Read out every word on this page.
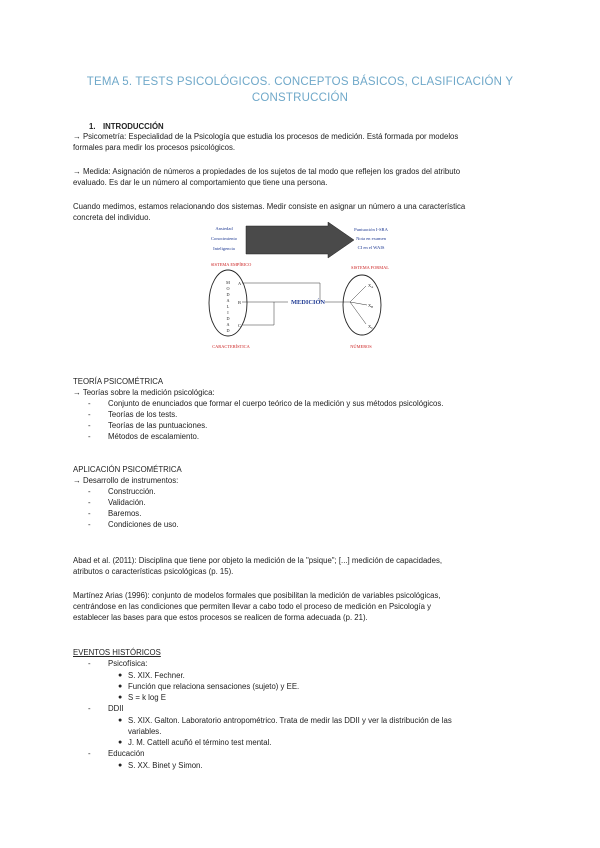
TEMA 5. TESTS PSICOLÓGICOS. CONCEPTOS BÁSICOS, CLASIFICACIÓN Y
CONSTRUCCIÓN
1. INTRODUCCIÓN
→ Psicometría: Especialidad de la Psicología que estudia los procesos de medición. Está formada por modelos
formales para medir los procesos psicológicos.
→ Medida: Asignación de números a propiedades de los sujetos de tal modo que reflejen los grados del atributo
evaluado. Es dar le un número al comportamiento que tiene una persona.
Cuando medimos, estamos relacionando dos sistemas. Medir consiste en asignar un número a una característica
concreta del individuo.
Ansiedad
Conocimiento
Inteligencia
Puntuación I-SRA
Nota en examen
CI en el WAIS
SISTEMA EMPÍRICO
SISTEMA FORMAL
M
O
D
A
L
I
D
A
D
A
B
C
MEDICIÓN
$X_A$
$X_B$
$X_C$
CARACTERÍSTICA	NÚMEROS
TEORÍA PSICOMÉTRICA
→ Teorías sobre la medición psicológica:
- Conjunto de enunciados que formar el cuerpo teórico de la medición y sus métodos psicológicos.
- Teorías de los tests.
- Teorías de las puntuaciones.
- Métodos de escalamiento.
APLICACIÓN PSICOMÉTRICA
→ Desarrollo de instrumentos:
- Construcción.
- Validación.
- Baremos.
- Condiciones de uso.
Abad et al. (2011): Disciplina que tiene por objeto la medición de la "psique"; [...] medición de capacidades,
atributos o características psicológicas (p. 15).
Martínez Arias (1996): conjunto de modelos formales que posibilitan la medición de variables psicológicas,
centrándose en las condiciones que permiten llevar a cabo todo el proceso de medición en Psicología y
establecer las bases para que estos procesos se realicen de forma adecuada (p. 21).
EVENTOS HISTÓRICOS
- Psicofísica:
● S. XIX. Fechner.
● Función que relaciona sensaciones (sujeto) y EE.
● S = k log E
- DDII
● S. XIX. Galton. Laboratorio antropométrico. Trata de medir las DDII y ver la distribución de las
variables.
● J. M. Cattell acuñó el término test mental.
- Educación
● S. XX. Binet y Simon.
